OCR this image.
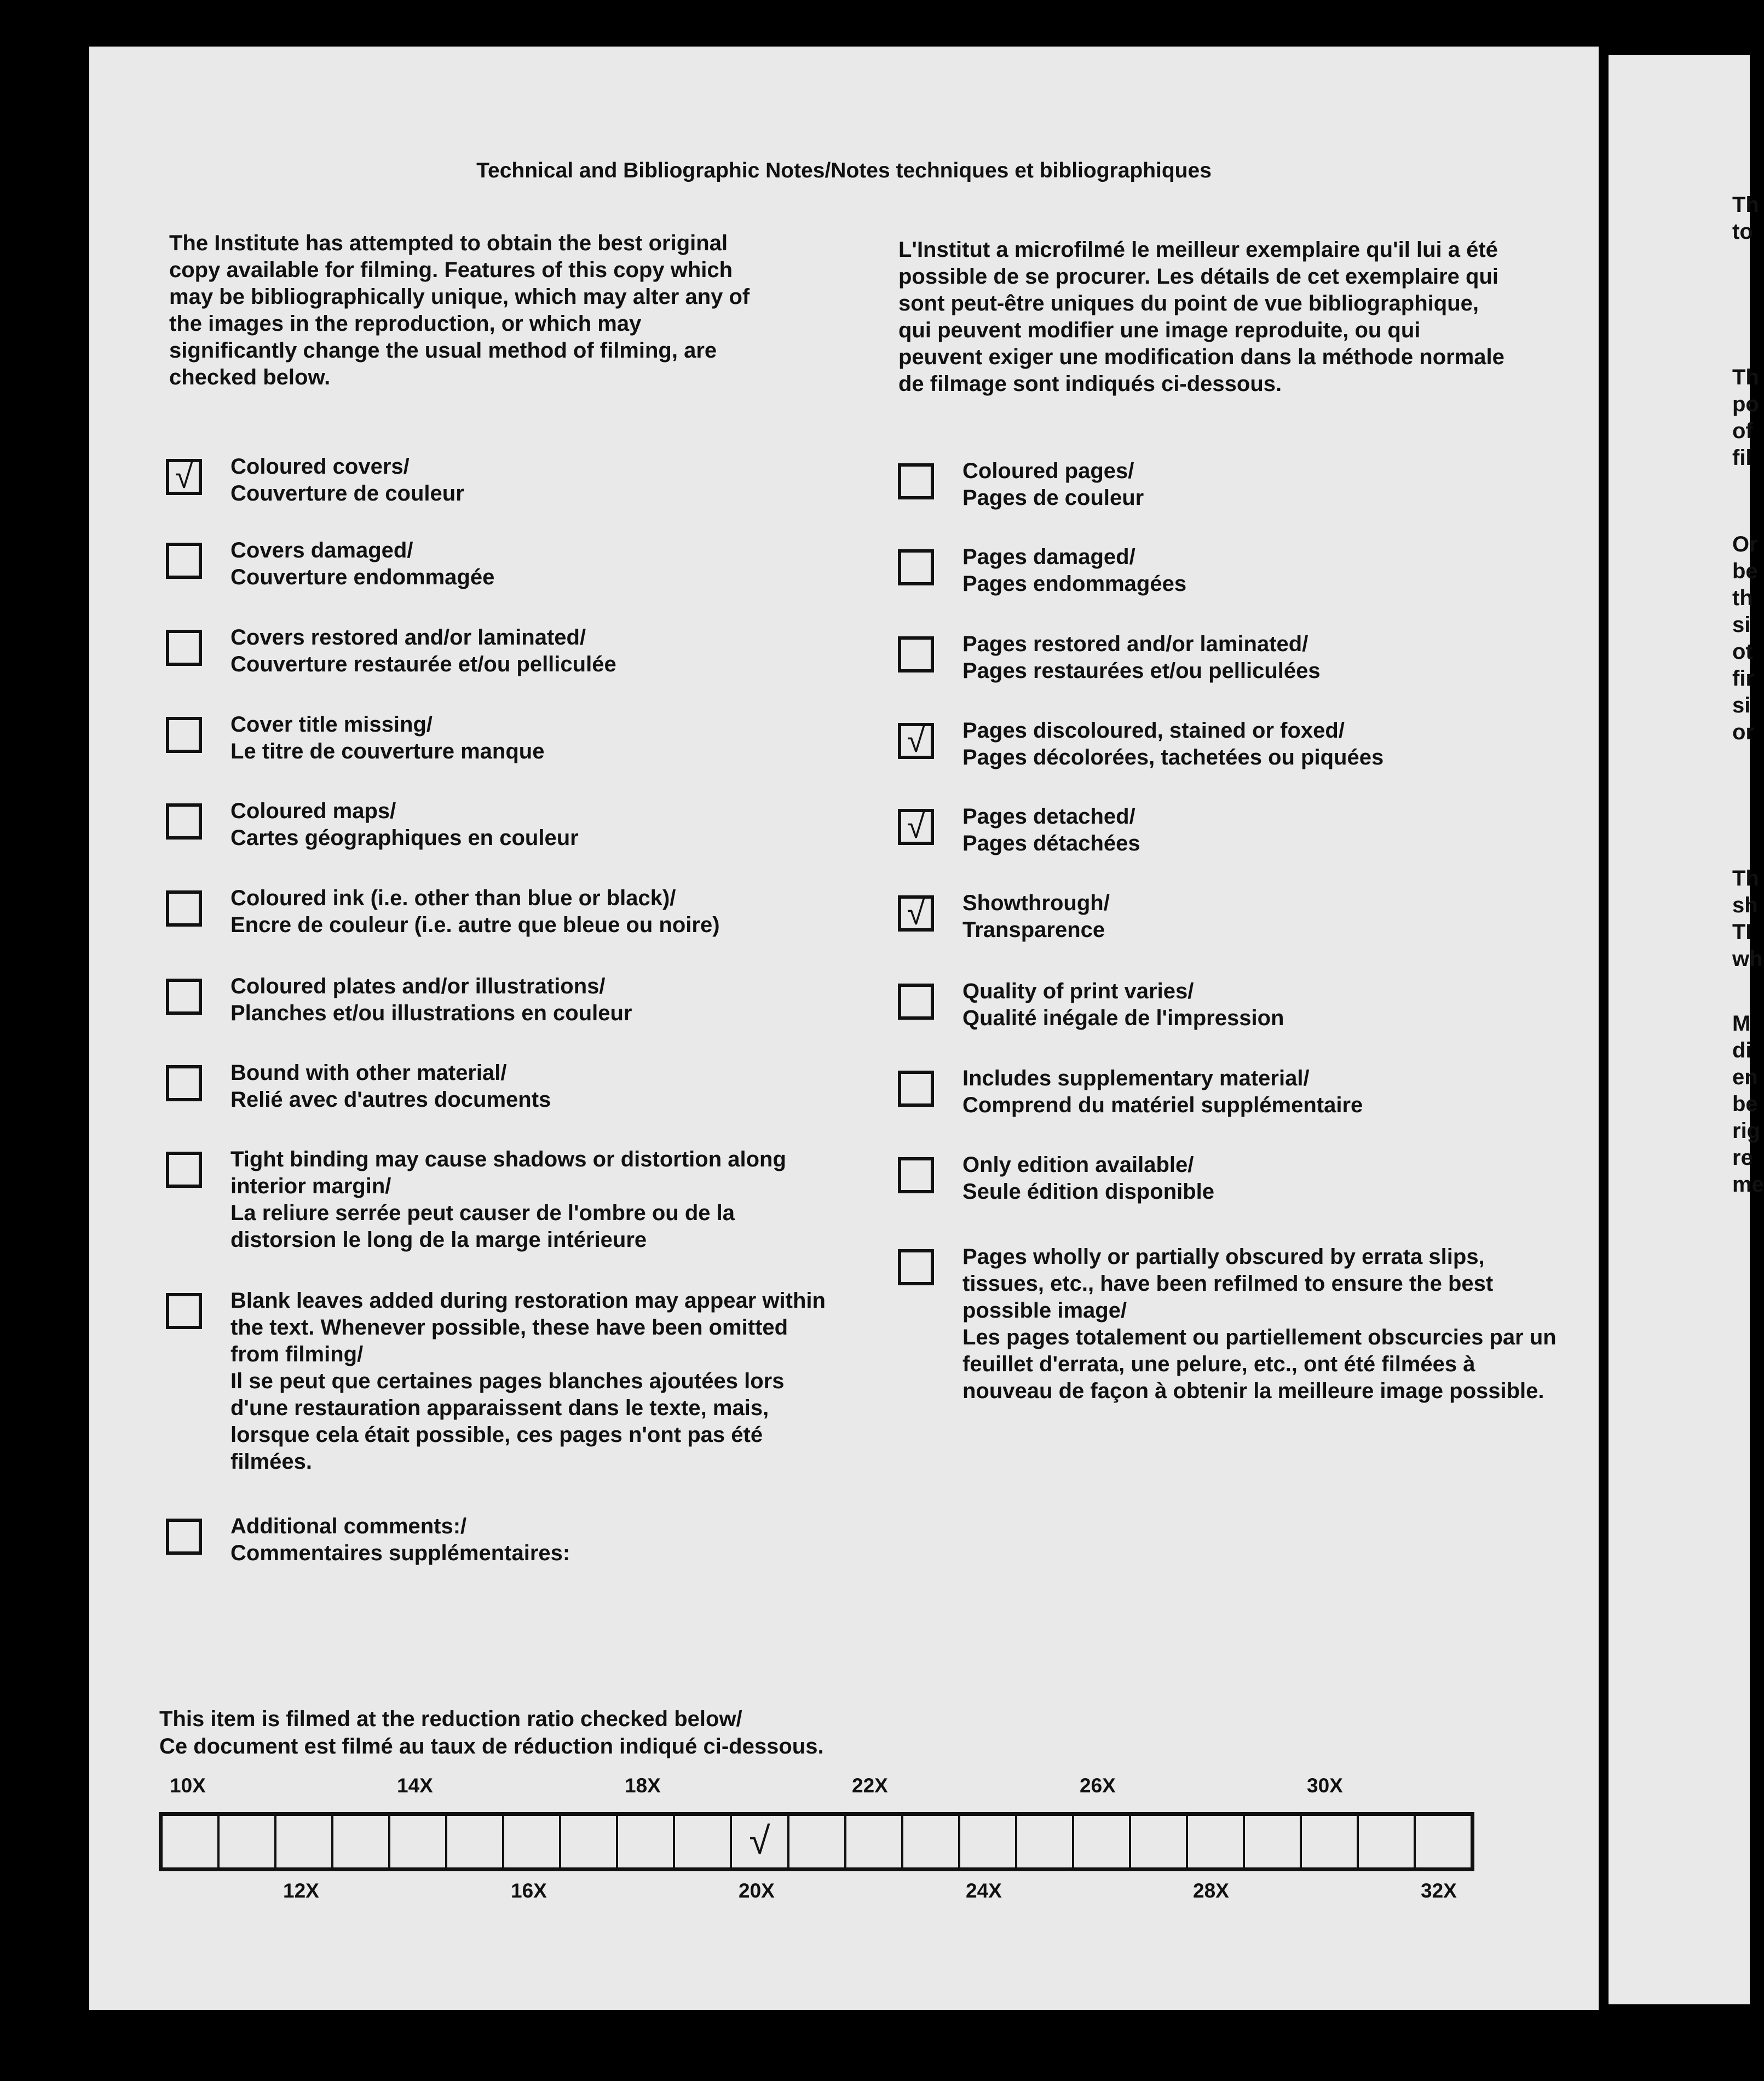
Technical and Bibliographic Notes/Notes techniques et bibliographiques
The Institute has attempted to obtain the best original copy available for filming. Features of this copy which may be bibliographically unique, which may alter any of the images in the reproduction, or which may significantly change the usual method of filming, are checked below.
L'Institut a microfilmé le meilleur exemplaire qu'il lui a été possible de se procurer. Les détails de cet exemplaire qui sont peut-être uniques du point de vue bibliographique, qui peuvent modifier une image reproduite, ou qui peuvent exiger une modification dans la méthode normale de filmage sont indiqués ci-dessous.
√	Coloured covers/
Couverture de couleur
Covers damaged/
Couverture endommagée
Covers restored and/or laminated/
Couverture restaurée et/ou pelliculée
Cover title missing/
Le titre de couverture manque
Coloured maps/
Cartes géographiques en couleur
Coloured ink (i.e. other than blue or black)/
Encre de couleur (i.e. autre que bleue ou noire)
Coloured plates and/or illustrations/
Planches et/ou illustrations en couleur
Bound with other material/
Relié avec d'autres documents
Tight binding may cause shadows or distortion along interior margin/
La reliure serrée peut causer de l'ombre ou de la distorsion le long de la marge intérieure
Blank leaves added during restoration may appear within the text. Whenever possible, these have been omitted from filming/
Il se peut que certaines pages blanches ajoutées lors d'une restauration apparaissent dans le texte, mais, lorsque cela était possible, ces pages n'ont pas été filmées.
Additional comments:/
Commentaires supplémentaires:
Coloured pages/
Pages de couleur
Pages damaged/
Pages endommagées
Pages restored and/or laminated/
Pages restaurées et/ou pelliculées
√	Pages discoloured, stained or foxed/
Pages décolorées, tachetées ou piquées
√	Pages detached/
Pages détachées
√	Showthrough/
Transparence
Quality of print varies/
Qualité inégale de l'impression
Includes supplementary material/
Comprend du matériel supplémentaire
Only edition available/
Seule édition disponible
Pages wholly or partially obscured by errata slips, tissues, etc., have been refilmed to ensure the best possible image/
Les pages totalement ou partiellement obscurcies par un feuillet d'errata, une pelure, etc., ont été filmées à nouveau de façon à obtenir la meilleure image possible.
This item is filmed at the reduction ratio checked below/
Ce document est filmé au taux de réduction indiqué ci-dessous.
10X	14X	18X	22X	26X	30X
12X	16X	20X	24X	28X	32X
√
Th
to
Th
po
of
fil
Or
be
th
si
ot
fir
si
or
Th
sh
TI
wh
M
di
en
be
rig
re
me
